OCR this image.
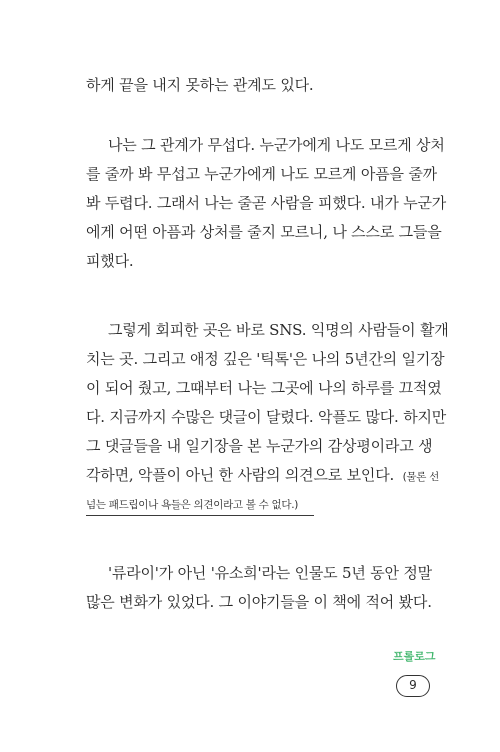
하게 끝을 내지 못하는 관계도 있다.
나는 그 관계가 무섭다. 누군가에게 나도 모르게 상처
를 줄까 봐 무섭고 누군가에게 나도 모르게 아픔을 줄까
봐 두렵다. 그래서 나는 줄곧 사람을 피했다. 내가 누군가
에게 어떤 아픔과 상처를 줄지 모르니, 나 스스로 그들을
피했다.
그렇게 회피한 곳은 바로 SNS. 익명의 사람들이 활개
치는 곳. 그리고 애정 깊은 '틱톡'은 나의 5년간의 일기장
이 되어 줬고, 그때부터 나는 그곳에 나의 하루를 끄적였
다. 지금까지 수많은 댓글이 달렸다. 악플도 많다. 하지만
그 댓글들을 내 일기장을 본 누군가의 감상평이라고 생
각하면, 악플이 아닌 한 사람의 의견으로 보인다. (물론 선
넘는 패드립이나 욕들은 의견이라고 볼 수 없다.)
'류라이'가 아닌 '유소희'라는 인물도 5년 동안 정말
많은 변화가 있었다. 그 이야기들을 이 책에 적어 봤다.
프롤로그
9
